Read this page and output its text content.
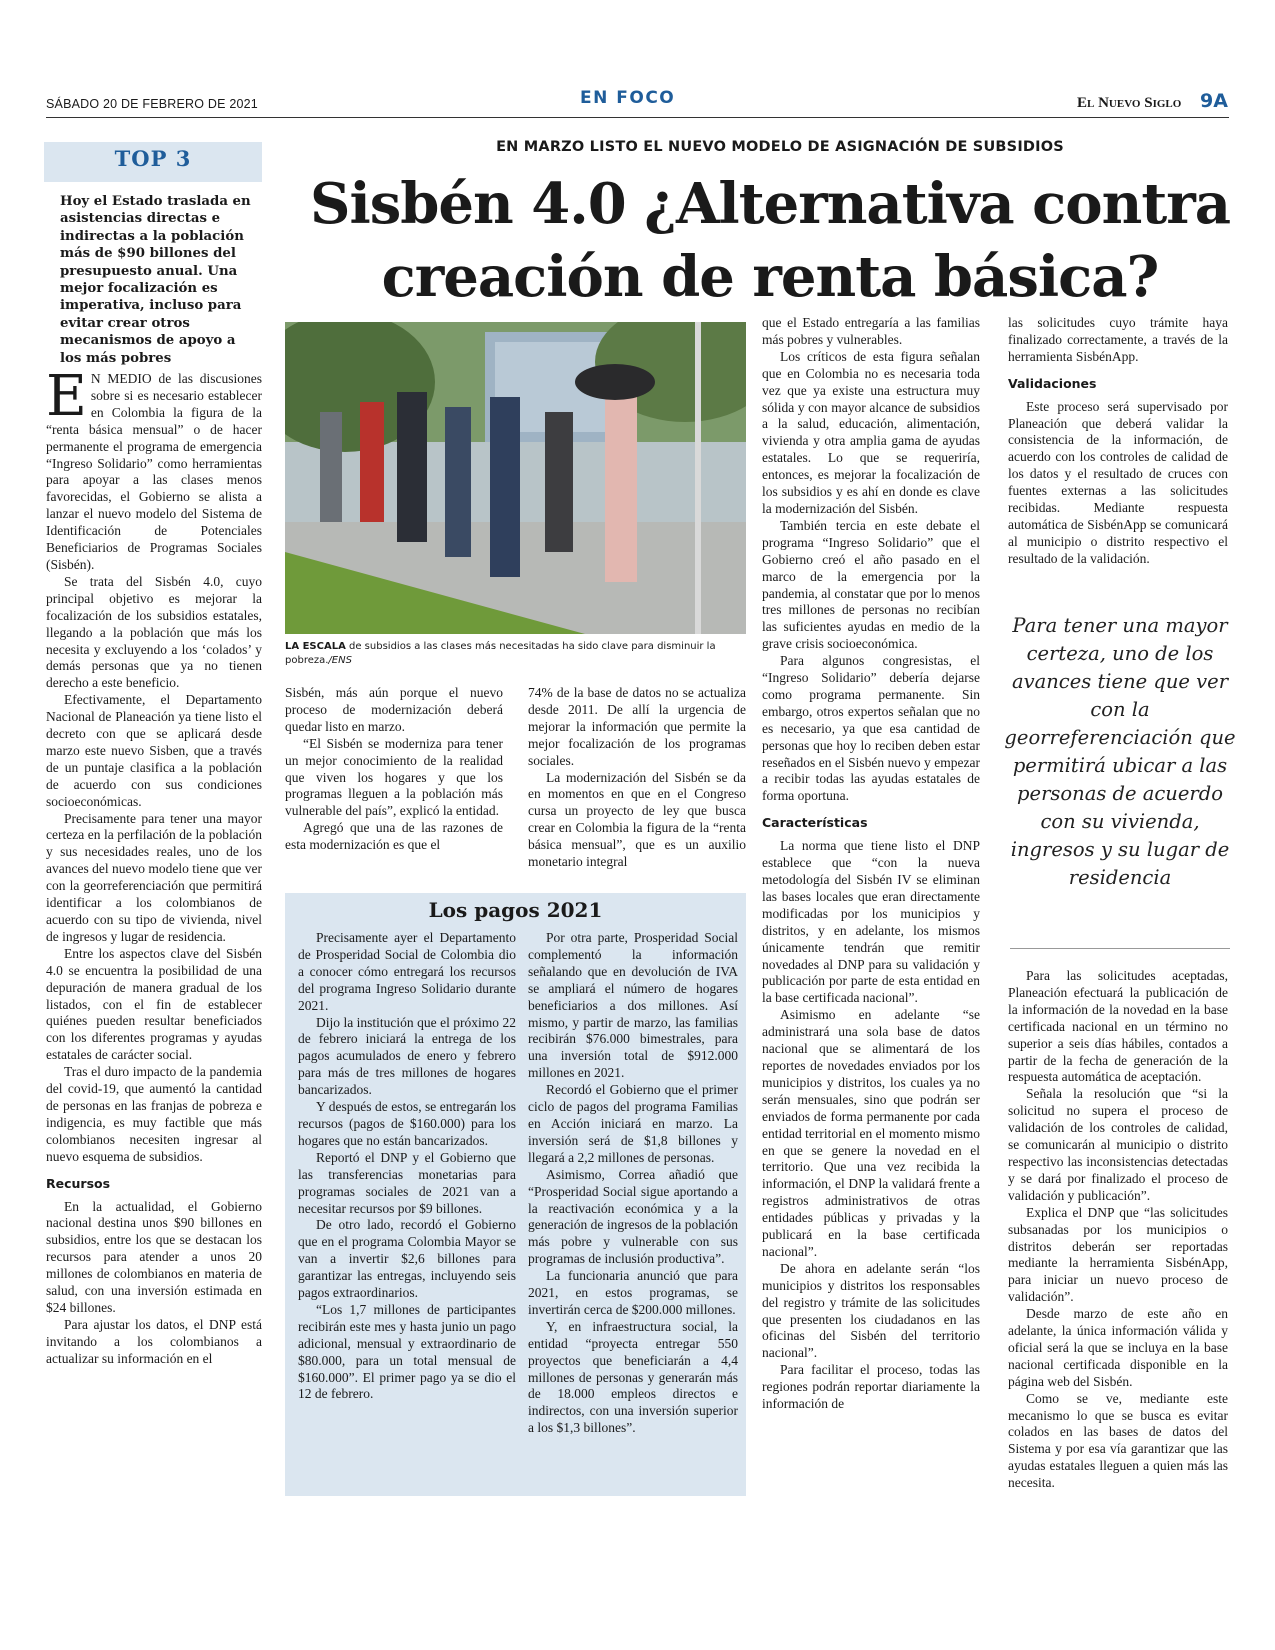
SÁBADO 20 DE FEBRERO DE 2021	EN FOCO	El Nuevo Siglo 9A
TOP 3
Hoy el Estado traslada en asistencias directas e indirectas a la población más de $90 billones del presupuesto anual. Una mejor focalización es imperativa, incluso para evitar crear otros mecanismos de apoyo a los más pobres
EN MARZO LISTO EL NUEVO MODELO DE ASIGNACIÓN DE SUBSIDIOS
Sisbén 4.0 ¿Alternativa contra
creación de renta básica?
LA ESCALA de subsidios a las clases más necesitadas ha sido clave para disminuir la pobreza./ENS

E N MEDIO de las discusiones sobre si es necesario establecer en Colombia la figura de la “renta básica mensual” o de hacer permanente el programa de emergencia “Ingreso Solidario” como herramientas para apoyar a las clases menos favorecidas, el Gobierno se alista a lanzar el nuevo modelo del Sistema de Identificación de Potenciales Beneficiarios de Programas Sociales (Sisbén).

Se trata del Sisbén 4.0, cuyo principal objetivo es mejorar la focalización de los subsidios estatales, llegando a la población que más los necesita y excluyendo a los ‘colados’ y demás personas que ya no tienen derecho a este beneficio.

Efectivamente, el Departamento Nacional de Planeación ya tiene listo el decreto con que se aplicará desde marzo este nuevo Sisben, que a través de un puntaje clasifica a la población de acuerdo con sus condiciones socioeconómicas.

Precisamente para tener una mayor certeza en la perfilación de la población y sus necesidades reales, uno de los avances del nuevo modelo tiene que ver con la georreferenciación que permitirá identificar a los colombianos de acuerdo con su tipo de vivienda, nivel de ingresos y lugar de residencia.

Entre los aspectos clave del Sisbén 4.0 se encuentra la posibilidad de una depuración de manera gradual de los listados, con el fin de establecer quiénes pueden resultar beneficiados con los diferentes programas y ayudas estatales de carácter social.

Tras el duro impacto de la pandemia del covid-19, que aumentó la cantidad de personas en las franjas de pobreza e indigencia, es muy factible que más colombianos necesiten ingresar al nuevo esquema de subsidios.

Recursos

En la actualidad, el Gobierno nacional destina unos $90 billones en subsidios, entre los que se destacan los recursos para atender a unos 20 millones de colombianos en materia de salud, con una inversión estimada en $24 billones.

Para ajustar los datos, el DNP está invitando a los colombianos a actualizar su información en el

Sisbén, más aún porque el nuevo proceso de modernización deberá quedar listo en marzo.

“El Sisbén se moderniza para tener un mejor conocimiento de la realidad que viven los hogares y que los programas lleguen a la población más vulnerable del país”, explicó la entidad.

Agregó que una de las razones de esta modernización es que el

74% de la base de datos no se actualiza desde 2011. De allí la urgencia de mejorar la información que permite la mejor focalización de los programas sociales.

La modernización del Sisbén se da en momentos en que en el Congreso cursa un proyecto de ley que busca crear en Colombia la figura de la “renta básica mensual”, que es un auxilio monetario integral

Los pagos 2021

Precisamente ayer el Departamento de Prosperidad Social de Colombia dio a conocer cómo entregará los recursos del programa Ingreso Solidario durante 2021.

Dijo la institución que el próximo 22 de febrero iniciará la entrega de los pagos acumulados de enero y febrero para más de tres millones de hogares bancarizados.

Y después de estos, se entregarán los recursos (pagos de $160.000) para los hogares que no están bancarizados.

Reportó el DNP y el Gobierno que las transferencias monetarias para programas sociales de 2021 van a necesitar recursos por $9 billones.

De otro lado, recordó el Gobierno que en el programa Colombia Mayor se van a invertir $2,6 billones para garantizar las entregas, incluyendo seis pagos extraordinarios.

“Los 1,7 millones de participantes recibirán este mes y hasta junio un pago adicional, mensual y extraordinario de $80.000, para un total mensual de $160.000”. El primer pago ya se dio el 12 de febrero.

Por otra parte, Prosperidad Social complementó la información señalando que en devolución de IVA se ampliará el número de hogares beneficiarios a dos millones. Así mismo, y partir de marzo, las familias recibirán $76.000 bimestrales, para una inversión total de $912.000 millones en 2021.

Recordó el Gobierno que el primer ciclo de pagos del programa Familias en Acción iniciará en marzo. La inversión será de $1,8 billones y llegará a 2,2 millones de personas.

Asimismo, Correa añadió que “Prosperidad Social sigue aportando a la reactivación económica y a la generación de ingresos de la población más pobre y vulnerable con sus programas de inclusión productiva”.

La funcionaria anunció que para 2021, en estos programas, se invertirán cerca de $200.000 millones.

Y, en infraestructura social, la entidad “proyecta entregar 550 proyectos que beneficiarán a 4,4 millones de personas y generarán más de 18.000 empleos directos e indirectos, con una inversión superior a los $1,3 billones”.

que el Estado entregaría a las familias más pobres y vulnerables.

Los críticos de esta figura señalan que en Colombia no es necesaria toda vez que ya existe una estructura muy sólida y con mayor alcance de subsidios a la salud, educación, alimentación, vivienda y otra amplia gama de ayudas estatales. Lo que se requeriría, entonces, es mejorar la focalización de los subsidios y es ahí en donde es clave la modernización del Sisbén.

También tercia en este debate el programa “Ingreso Solidario” que el Gobierno creó el año pasado en el marco de la emergencia por la pandemia, al constatar que por lo menos tres millones de personas no recibían las suficientes ayudas en medio de la grave crisis socioeconómica.

Para algunos congresistas, el “Ingreso Solidario” debería dejarse como programa permanente. Sin embargo, otros expertos señalan que no es necesario, ya que esa cantidad de personas que hoy lo reciben deben estar reseñados en el Sisbén nuevo y empezar a recibir todas las ayudas estatales de forma oportuna.

Características

La norma que tiene listo el DNP establece que “con la nueva metodología del Sisbén IV se eliminan las bases locales que eran directamente modificadas por los municipios y distritos, y en adelante, los mismos únicamente tendrán que remitir novedades al DNP para su validación y publicación por parte de esta entidad en la base certificada nacional”.

Asimismo en adelante “se administrará una sola base de datos nacional que se alimentará de los reportes de novedades enviados por los municipios y distritos, los cuales ya no serán mensuales, sino que podrán ser enviados de forma permanente por cada entidad territorial en el momento mismo en que se genere la novedad en el territorio. Que una vez recibida la información, el DNP la validará frente a registros administrativos de otras entidades públicas y privadas y la publicará en la base certificada nacional”.

De ahora en adelante serán “los municipios y distritos los responsables del registro y trámite de las solicitudes que presenten los ciudadanos en las oficinas del Sisbén del territorio nacional”.

Para facilitar el proceso, todas las regiones podrán reportar diariamente la información de

las solicitudes cuyo trámite haya finalizado correctamente, a través de la herramienta SisbénApp.

Validaciones

Este proceso será supervisado por Planeación que deberá validar la consistencia de la información, de acuerdo con los controles de calidad de los datos y el resultado de cruces con fuentes externas a las solicitudes recibidas. Mediante respuesta automática de SisbénApp se comunicará al municipio o distrito respectivo el resultado de la validación.

Para tener una mayor certeza, uno de los avances tiene que ver con la georreferenciación que permitirá ubicar a las personas de acuerdo con su vivienda, ingresos y su lugar de residencia

Para las solicitudes aceptadas, Planeación efectuará la publicación de la información de la novedad en la base certificada nacional en un término no superior a seis días hábiles, contados a partir de la fecha de generación de la respuesta automática de aceptación.

Señala la resolución que “si la solicitud no supera el proceso de validación de los controles de calidad, se comunicarán al municipio o distrito respectivo las inconsistencias detectadas y se dará por finalizado el proceso de validación y publicación”.

Explica el DNP que “las solicitudes subsanadas por los municipios o distritos deberán ser reportadas mediante la herramienta SisbénApp, para iniciar un nuevo proceso de validación”.

Desde marzo de este año en adelante, la única información válida y oficial será la que se incluya en la base nacional certificada disponible en la página web del Sisbén.

Como se ve, mediante este mecanismo lo que se busca es evitar colados en las bases de datos del Sistema y por esa vía garantizar que las ayudas estatales lleguen a quien más las necesita.
